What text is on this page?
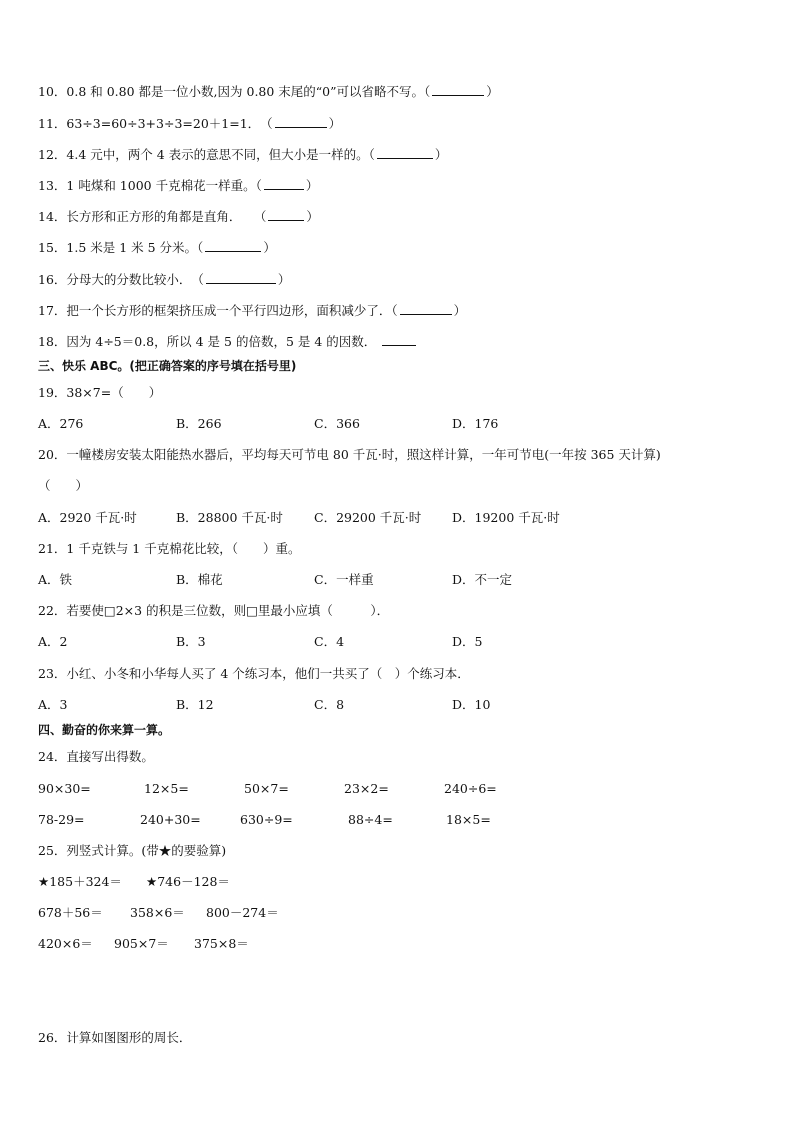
10．0.8 和 0.80 都是一位小数,因为 0.80 末尾的“0”可以省略不写。（	）
11．63÷3=60÷3+3÷3=20＋1=1．　（	）
12．4.4 元中，两个 4 表示的意思不同，但大小是一样的。（	）
13．1 吨煤和 1000 千克棉花一样重。（	）
14．长方形和正方形的角都是直角．　　（	）
15．1.5 米是 1 米 5 分米。（	）
16．分母大的分数比较小．　（	）
17．把一个长方形的框架挤压成一个平行四边形，面积减少了．（	）
18．因为 4÷5＝0.8，所以 4 是 5 的倍数，5 是 4 的因数．
三、快乐 ABC。(把正确答案的序号填在括号里)
19．38×7=（　　）
A．276	B．266	C．366	D．176
20．一幢楼房安装太阳能热水器后，平均每天可节电 80 千瓦·时，照这样计算，一年可节电(一年按 365 天计算)
（　　）
A．2920 千瓦·时	B．28800 千瓦·时 C．29200 千瓦·时 D．19200 千瓦·时
21．1 千克铁与 1 千克棉花比较，（　　）重。
A．铁	B．棉花	C．一样重	D．不一定
22．若要使□2×3 的积是三位数，则□里最小应填（　　　）．
A．2	B．3	C．4	D．5
23．小红、小冬和小华每人买了 4 个练习本，他们一共买了（　）个练习本．
A．3	B．12	C．8	D．10
四、勤奋的你来算一算。
24．直接写出得数。
90×30=	12×5=	50×7=	23×2=	240÷6=
78-29=	240+30=	630÷9=	88÷4=	18×5=
25．列竖式计算。(带★的要验算)
★185＋324＝ ★746－128＝
678＋56＝ 358×6＝ 800－274＝
420×6＝ 905×7＝ 375×8＝
26．计算如图图形的周长．
